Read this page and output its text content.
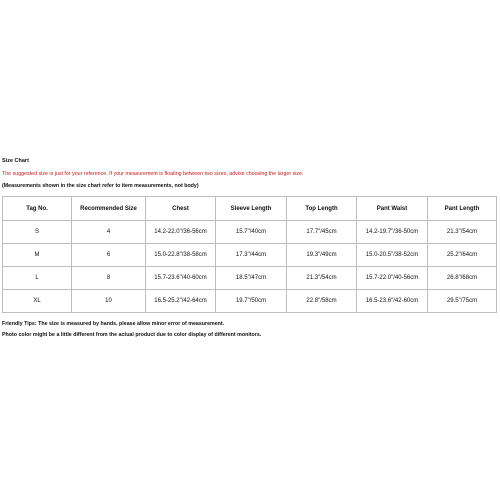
Size Chart
The suggested size is just for your reference. If your measurement is floating between two sizes, advise choosing the larger size.
(Measurements shown in the size chart refer to item measurements, not body)
Tag No.	Recommended Size	Chest	Sleeve Length	Top Length	Pant Waist	Pant Length
S	4	14.2-22.0"/36-56cm	15.7"/40cm	17.7"/45cm	14.2-19.7"/36-50cm	21.3"/54cm
M	6	15.0-22.8"/38-58cm	17.3"/44cm	19.3"/49cm	15.0-20.5"/38-52cm	25.2"/64cm
L	8	15.7-23.6"/40-60cm	18.5"/47cm	21.3"/54cm	15.7-22.0"/40-56cm	26.8"/68cm
XL	10	16.5-25.2"/42-64cm	19.7"/50cm	22.8"/58cm	16.5-23.6"/42-60cm	29.5"/75cm
Friendly Tips: The size is measured by hands, please allow minor error of measurement.
Photo color might be a little different from the actual product due to color display of different monitors.
